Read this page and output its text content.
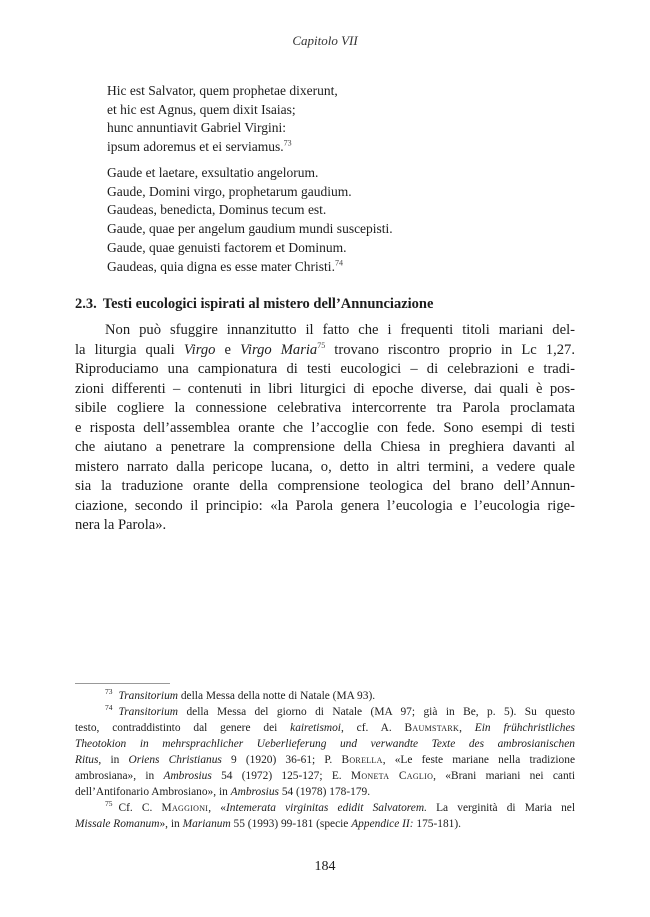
Capitolo VII
Hic est Salvator, quem prophetae dixerunt,
et hic est Agnus, quem dixit Isaias;
hunc annuntiavit Gabriel Virgini:
ipsum adoremus et ei serviamus.$^{73}$
Gaude et laetare, exsultatio angelorum.
Gaude, Domini virgo, prophetarum gaudium.
Gaudeas, benedicta, Dominus tecum est.
Gaude, quae per angelum gaudium mundi suscepisti.
Gaude, quae genuisti factorem et Dominum.
Gaudeas, quia digna es esse mater Christi.$^{74}$
2.3. Testi eucologici ispirati al mistero dell’Annunciazione
Non può sfuggire innanzitutto il fatto che i frequenti titoli mariani del-
la liturgia quali Virgo e Virgo Maria$^{75}$ trovano riscontro proprio in Lc 1,27.
Riproduciamo una campionatura di testi eucologici – di celebrazioni e tradi-
zioni differenti – contenuti in libri liturgici di epoche diverse, dai quali è pos-
sibile cogliere la connessione celebrativa intercorrente tra Parola proclamata
e risposta dell’assemblea orante che l’accoglie con fede. Sono esempi di testi
che aiutano a penetrare la comprensione della Chiesa in preghiera davanti al
mistero narrato dalla pericope lucana, o, detto in altri termini, a vedere quale
sia la traduzione orante della comprensione teologica del brano dell’Annun-
ciazione, secondo il principio: «la Parola genera l’eucologia e l’eucologia rige-
nera la Parola».
$^{73}$ Transitorium della Messa della notte di Natale (MA 93).
$^{74}$ Transitorium della Messa del giorno di Natale (MA 97; già in Be, p. 5). Su questo
testo, contraddistinto dal genere dei kairetismoi, cf. A. Baumstark, Ein frühchristliches
Theotokion in mehrsprachlicher Ueberlieferung und verwandte Texte des ambrosianischen
Ritus, in Oriens Christianus 9 (1920) 36-61; P. Borella, «Le feste mariane nella tradizione
ambrosiana», in Ambrosius 54 (1972) 125-127; E. Moneta Caglio, «Brani mariani nei canti
dell’Antifonario Ambrosiano», in Ambrosius 54 (1978) 178-179.
$^{75}$ Cf. C. Maggioni, «Intemerata virginitas edidit Salvatorem. La verginità di Maria nel
Missale Romanum», in Marianum 55 (1993) 99-181 (specie Appendice II: 175-181).
184
